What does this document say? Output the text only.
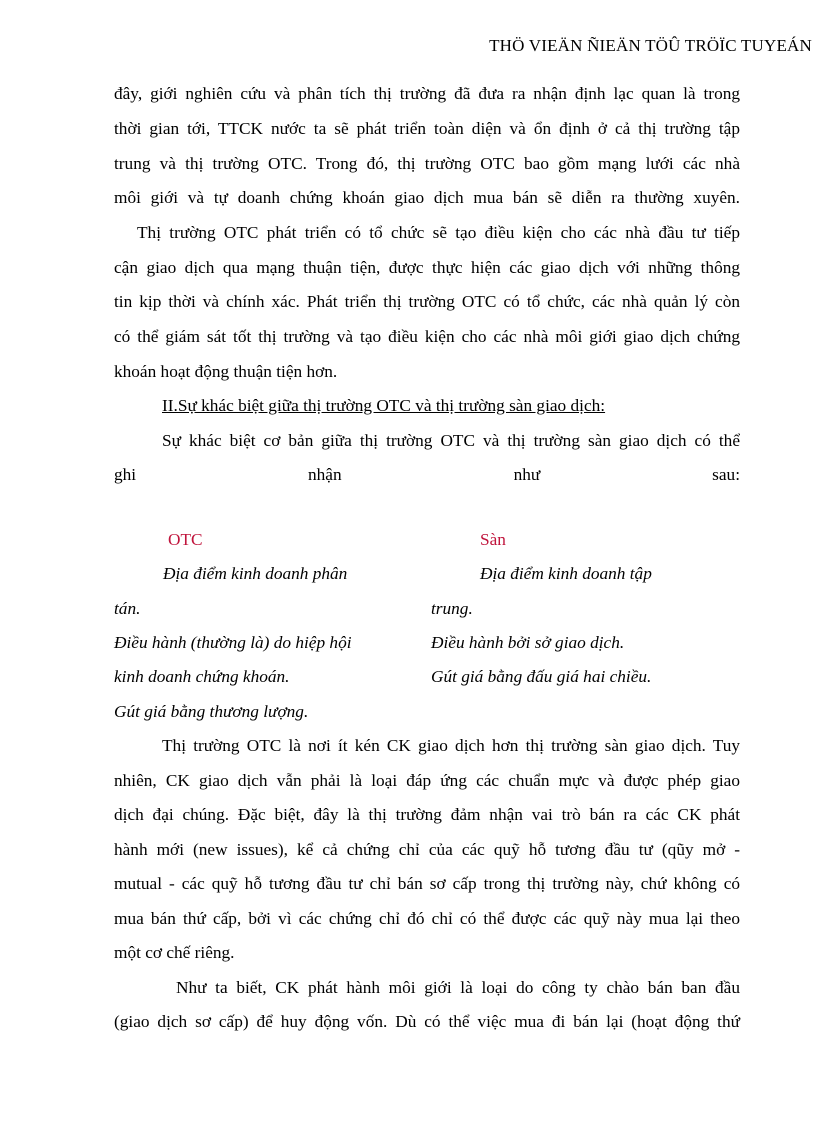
THÖ VIEÄN ÑIEÄN TÖÛ TRÖÏC TUYEÁN
đây, giới nghiên cứu và phân tích thị trường đã đưa ra nhận định lạc quan là trong
thời gian tới, TTCK nước ta sẽ phát triển toàn diện và ổn định ở cả thị trường tập
trung và thị trường OTC. Trong đó, thị trường OTC bao gồm mạng lưới các nhà
môi giới và tự doanh chứng khoán giao dịch mua bán sẽ diễn ra thường xuyên.
Thị trường OTC phát triển có tổ chức sẽ tạo điều kiện cho các nhà đầu tư tiếp
cận giao dịch qua mạng thuận tiện, được thực hiện các giao dịch với những thông
tin kịp thời và chính xác. Phát triển thị trường OTC có tổ chức, các nhà quản lý còn
có thể giám sát tốt thị trường và tạo điều kiện cho các nhà môi giới giao dịch chứng
khoán hoạt động thuận tiện hơn.
II.Sự khác biệt giữa thị trường OTC và thị trường sàn giao dịch:
Sự khác biệt cơ bản giữa thị trường OTC và thị trường sàn giao dịch có thể
ghi nhận như sau:
OTC
Địa điểm kinh doanh phân
tán.
Điều hành (thường là) do hiệp hội
kinh doanh chứng khoán.
Gút giá bằng thương lượng.
Sàn
Địa điểm kinh doanh tập
trung.
Điều hành bởi sở giao dịch.
Gút giá bằng đấu giá hai chiều.
Thị trường OTC là nơi ít kén CK giao dịch hơn thị trường sàn giao dịch. Tuy
nhiên, CK giao dịch vẫn phải là loại đáp ứng các chuẩn mực và được phép giao
dịch đại chúng. Đặc biệt, đây là thị trường đảm nhận vai trò bán ra các CK phát
hành mới (new issues), kể cả chứng chỉ của các quỹ hỗ tương đầu tư (qũy mở -
mutual - các quỹ hỗ tương đầu tư chỉ bán sơ cấp trong thị trường này, chứ không có
mua bán thứ cấp, bởi vì các chứng chỉ đó chỉ có thể được các quỹ này mua lại theo
một cơ chế riêng.
Như ta biết, CK phát hành môi giới là loại do công ty chào bán ban đầu
(giao dịch sơ cấp) để huy động vốn. Dù có thể việc mua đi bán lại (hoạt động thứ
